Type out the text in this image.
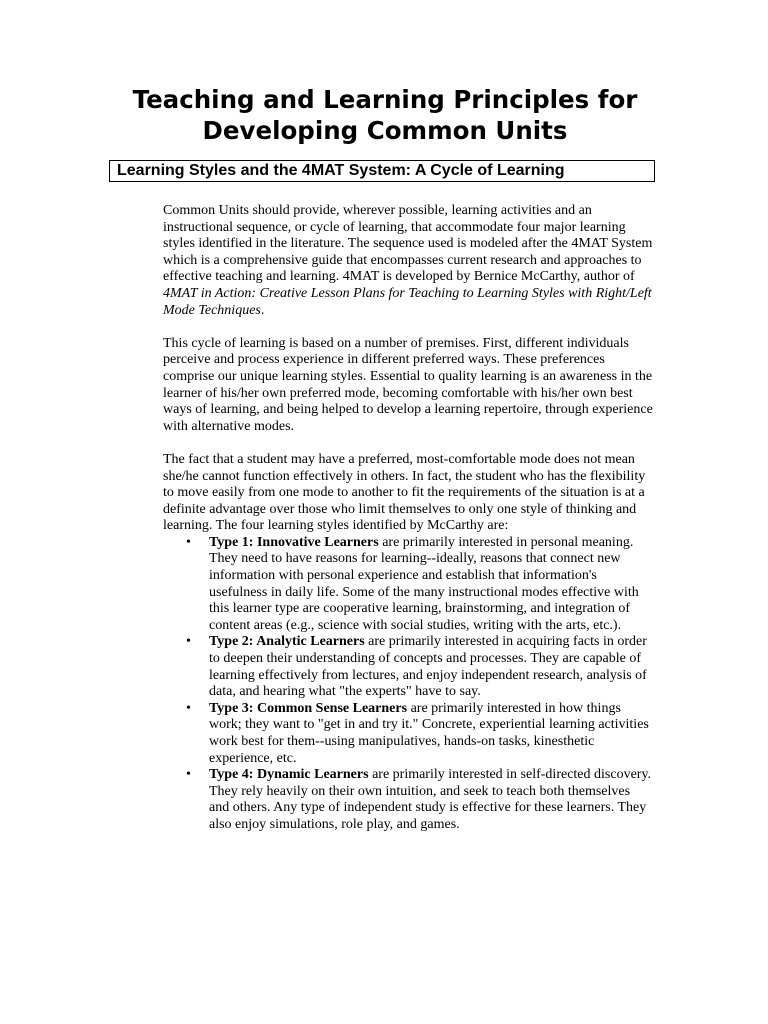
Teaching and Learning Principles for
Developing Common Units
Learning Styles and the 4MAT System: A Cycle of Learning

Common Units should provide, wherever possible, learning activities and an instructional sequence, or cycle of learning, that accommodate four major learning styles identified in the literature. The sequence used is modeled after the 4MAT System which is a comprehensive guide that encompasses current research and approaches to effective teaching and learning. 4MAT is developed by Bernice McCarthy, author of 4MAT in Action: Creative Lesson Plans for Teaching to Learning Styles with Right/Left Mode Techniques.

This cycle of learning is based on a number of premises. First, different individuals perceive and process experience in different preferred ways. These preferences comprise our unique learning styles. Essential to quality learning is an awareness in the learner of his/her own preferred mode, becoming comfortable with his/her own best ways of learning, and being helped to develop a learning repertoire, through experience with alternative modes.

The fact that a student may have a preferred, most-comfortable mode does not mean she/he cannot function effectively in others. In fact, the student who has the flexibility to move easily from one mode to another to fit the requirements of the situation is at a definite advantage over those who limit themselves to only one style of thinking and learning. The four learning styles identified by McCarthy are:

• Type 1: Innovative Learners are primarily interested in personal meaning. They need to have reasons for learning--ideally, reasons that connect new information with personal experience and establish that information's usefulness in daily life. Some of the many instructional modes effective with this learner type are cooperative learning, brainstorming, and integration of content areas (e.g., science with social studies, writing with the arts, etc.).
• Type 2: Analytic Learners are primarily interested in acquiring facts in order to deepen their understanding of concepts and processes. They are capable of learning effectively from lectures, and enjoy independent research, analysis of data, and hearing what "the experts" have to say.
• Type 3: Common Sense Learners are primarily interested in how things work; they want to "get in and try it." Concrete, experiential learning activities work best for them--using manipulatives, hands-on tasks, kinesthetic experience, etc.
• Type 4: Dynamic Learners are primarily interested in self-directed discovery. They rely heavily on their own intuition, and seek to teach both themselves and others. Any type of independent study is effective for these learners. They also enjoy simulations, role play, and games.
